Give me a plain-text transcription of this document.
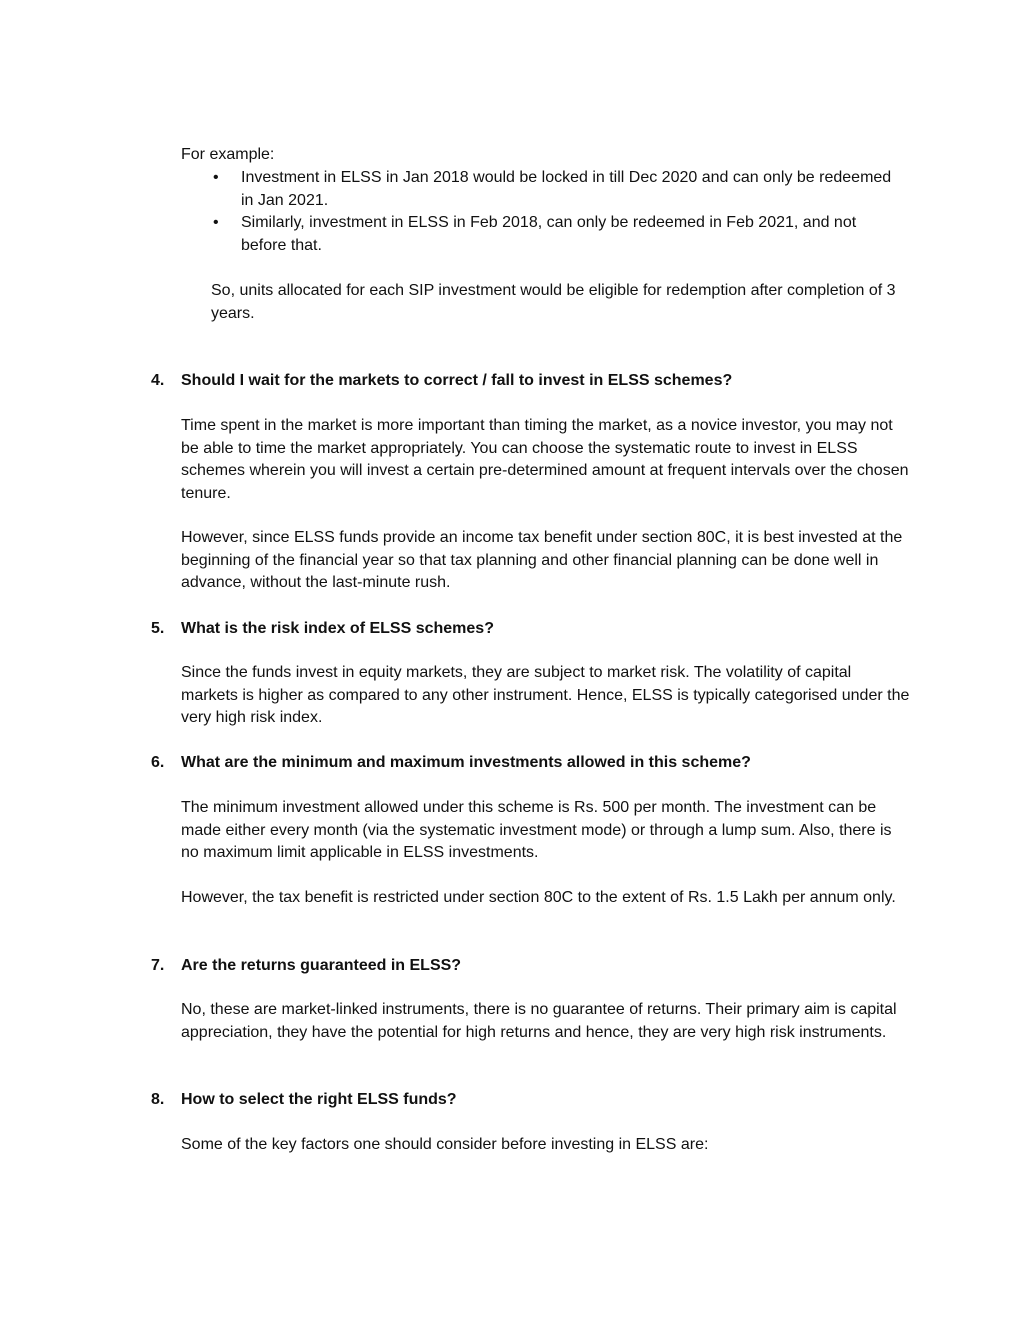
For example:

• Investment in ELSS in Jan 2018 would be locked in till Dec 2020 and can only be redeemed in Jan 2021.
• Similarly, investment in ELSS in Feb 2018, can only be redeemed in Feb 2021, and not before that.

So, units allocated for each SIP investment would be eligible for redemption after completion of 3 years.

4.	Should I wait for the markets to correct / fall to invest in ELSS schemes?

Time spent in the market is more important than timing the market, as a novice investor, you may not be able to time the market appropriately. You can choose the systematic route to invest in ELSS schemes wherein you will invest a certain pre-determined amount at frequent intervals over the chosen tenure.

However, since ELSS funds provide an income tax benefit under section 80C, it is best invested at the beginning of the financial year so that tax planning and other financial planning can be done well in advance, without the last-minute rush.

5.	What is the risk index of ELSS schemes?

Since the funds invest in equity markets, they are subject to market risk. The volatility of capital markets is higher as compared to any other instrument. Hence, ELSS is typically categorised under the very high risk index.

6.	What are the minimum and maximum investments allowed in this scheme?

The minimum investment allowed under this scheme is Rs. 500 per month. The investment can be made either every month (via the systematic investment mode) or through a lump sum. Also, there is no maximum limit applicable in ELSS investments.

However, the tax benefit is restricted under section 80C to the extent of Rs. 1.5 Lakh per annum only.

7.	Are the returns guaranteed in ELSS?

No, these are market-linked instruments, there is no guarantee of returns. Their primary aim is capital appreciation, they have the potential for high returns and hence, they are very high risk instruments.

8.	How to select the right ELSS funds?

Some of the key factors one should consider before investing in ELSS are:
